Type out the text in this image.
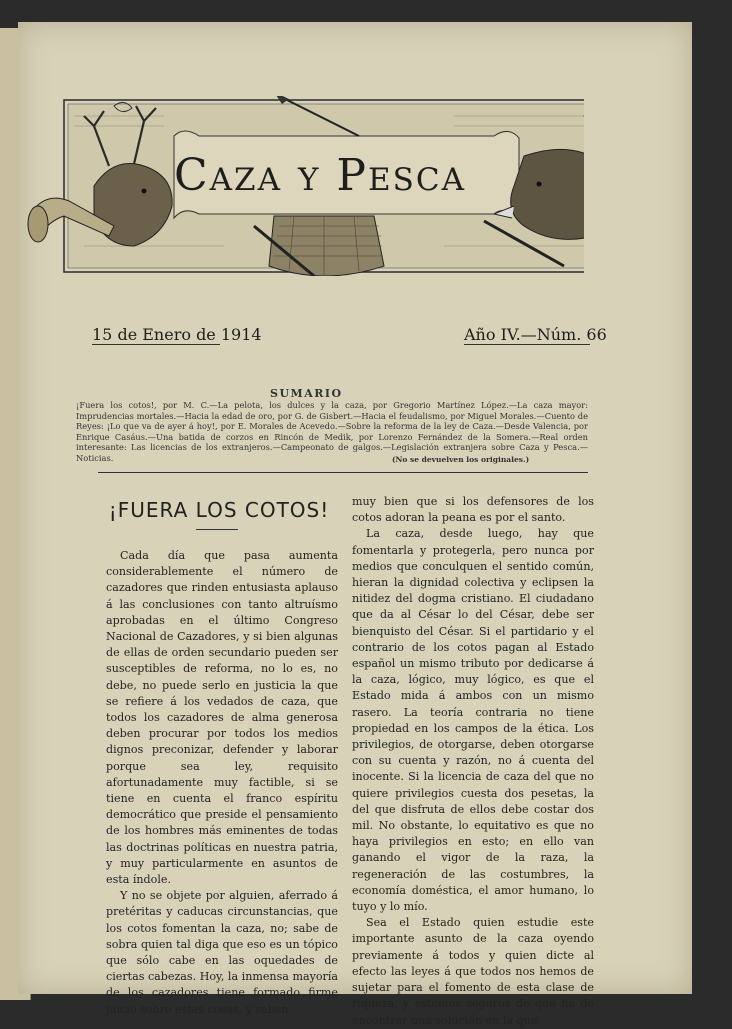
Caza y Pesca
15 de Enero de 1914	Año IV.—Núm. 66
SUMARIO
¡Fuera los cotos!, por M. C.—La pelota, los dulces y la caza, por Gregorio Martínez López.—La caza mayor: Imprudencias mortales.—Hacia la edad de oro, por G. de Gisbert.—Hacia el feudalismo, por Miguel Morales.—Cuento de Reyes: ¡Lo que va de ayer á hoy!, por E. Morales de Acevedo.—Sobre la reforma de la ley de Caza.—Desde Valencia, por Enrique Casáus.—Una batida de corzos en Rincón de Medik, por Lorenzo Fernández de la Somera.—Real orden interesante: Las licencias de los extranjeros.—Campeonato de galgos.—Legislación extranjera sobre Caza y Pesca.—Noticias.	(No se devuelven los originales.)
¡FUERA LOS COTOS!

Cada día que pasa aumenta considerablemente el número de cazadores que rinden entusiasta aplauso á las conclusiones con tanto altruísmo aprobadas en el último Congreso Nacional de Cazadores, y si bien algunas de ellas de orden secundario pueden ser susceptibles de reforma, no lo es, no debe, no puede serlo en justicia la que se refiere á los vedados de caza, que todos los cazadores de alma generosa deben procurar por todos los medios dignos preconizar, defender y laborar porque sea ley, requisito afortunadamente muy factible, si se tiene en cuenta el franco espíritu democrático que preside el pensamiento de los hombres más eminentes de todas las doctrinas políticas en nuestra patria, y muy particularmente en asuntos de esta índole.

Y no se objete por alguien, aferrado á pretéritas y caducas circunstancias, que los cotos fomentan la caza, no; sabe de sobra quien tal diga que eso es un tópico que sólo cabe en las oquedades de ciertas cabezas. Hoy, la inmensa mayoría de los cazadores tiene formado firme juicio sobre estas cosas, y saben

muy bien que si los defensores de los cotos adoran la peana es por el santo.

La caza, desde luego, hay que fomentarla y protegerla, pero nunca por medios que conculquen el sentido común, hieran la dignidad colectiva y eclipsen la nitidez del dogma cristiano. El ciudadano que da al César lo del César, debe ser bienquisto del César. Si el partidario y el contrario de los cotos pagan al Estado español un mismo tributo por dedicarse á la caza, lógico, muy lógico, es que el Estado mida á ambos con un mismo rasero. La teoría contraria no tiene propiedad en los campos de la ética. Los privilegios, de otorgarse, deben otorgarse con su cuenta y razón, no á cuenta del inocente. Si la licencia de caza del que no quiere privilegios cuesta dos pesetas, la del que disfruta de ellos debe costar dos mil. No obstante, lo equitativo es que no haya privilegios en esto; en ello van ganando el vigor de la raza, la regeneración de las costumbres, la economía doméstica, el amor humano, lo tuyo y lo mío.

Sea el Estado quien estudie este importante asunto de la caza oyendo previamente á todos y quien dicte al efecto las leyes á que todos nos hemos de sujetar para el fomento de esta clase de riqueza, y estemos seguros de que ha de encontrar una solución en la que
